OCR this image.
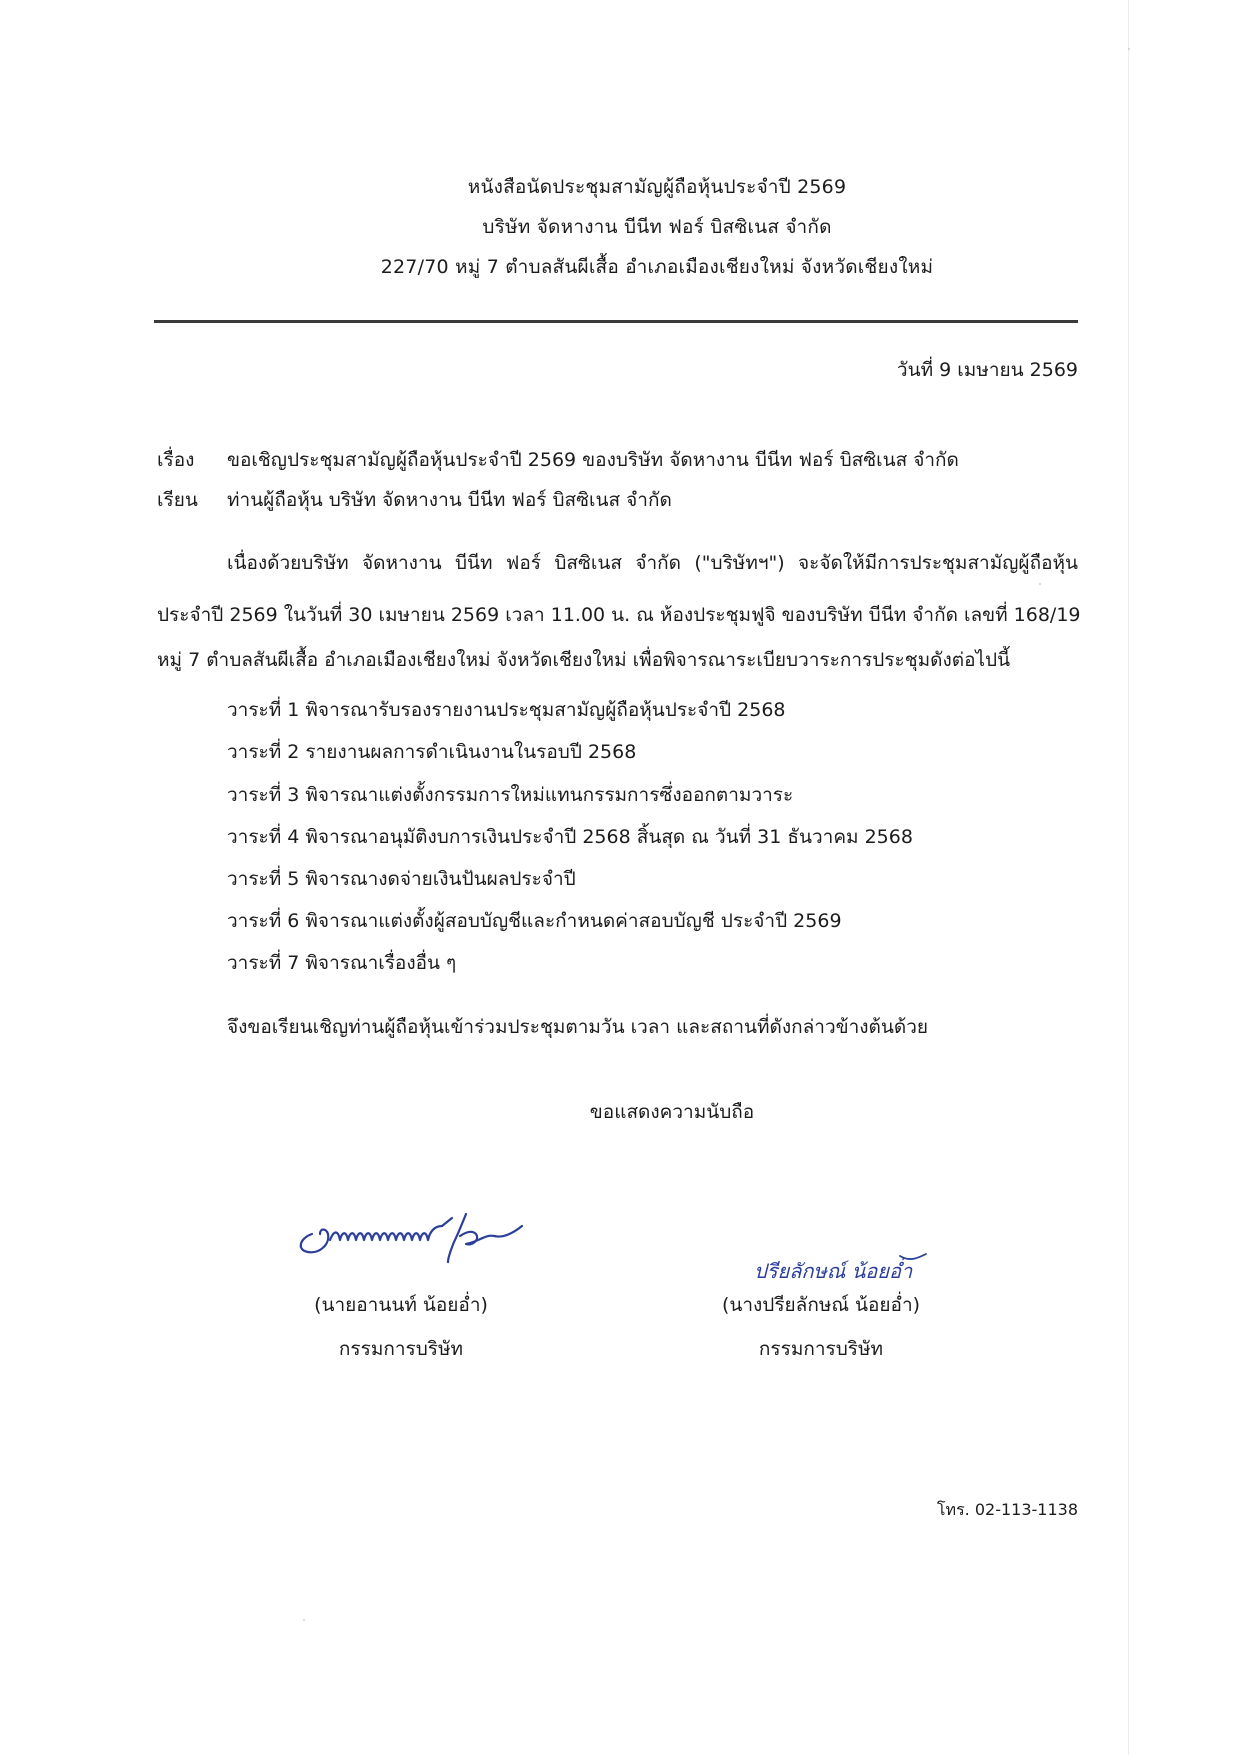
หนังสือนัดประชุมสามัญผู้ถือหุ้นประจำปี 2569
บริษัท จัดหางาน บีนีท ฟอร์ บิสซิเนส จำกัด
227/70 หมู่ 7 ตำบลสันผีเสื้อ อำเภอเมืองเชียงใหม่ จังหวัดเชียงใหม่
วันที่ 9 เมษายน 2569
เรื่อง ขอเชิญประชุมสามัญผู้ถือหุ้นประจำปี 2569 ของบริษัท จัดหางาน บีนีท ฟอร์ บิสซิเนส จำกัด
เรียน ท่านผู้ถือหุ้น บริษัท จัดหางาน บีนีท ฟอร์ บิสซิเนส จำกัด
เนื่องด้วยบริษัท จัดหางาน บีนีท ฟอร์ บิสซิเนส จำกัด ("บริษัทฯ") จะจัดให้มีการประชุมสามัญผู้ถือหุ้น
ประจำปี 2569 ในวันที่ 30 เมษายน 2569 เวลา 11.00 น. ณ ห้องประชุมฟูจิ ของบริษัท บีนีท จำกัด เลขที่ 168/19
หมู่ 7 ตำบลสันผีเสื้อ อำเภอเมืองเชียงใหม่ จังหวัดเชียงใหม่ เพื่อพิจารณาระเบียบวาระการประชุมดังต่อไปนี้
วาระที่ 1 พิจารณารับรองรายงานประชุมสามัญผู้ถือหุ้นประจำปี 2568
วาระที่ 2 รายงานผลการดำเนินงานในรอบปี 2568
วาระที่ 3 พิจารณาแต่งตั้งกรรมการใหม่แทนกรรมการซึ่งออกตามวาระ
วาระที่ 4 พิจารณาอนุมัติงบการเงินประจำปี 2568 สิ้นสุด ณ วันที่ 31 ธันวาคม 2568
วาระที่ 5 พิจารณางดจ่ายเงินปันผลประจำปี
วาระที่ 6 พิจารณาแต่งตั้งผู้สอบบัญชีและกำหนดค่าสอบบัญชี ประจำปี 2569
วาระที่ 7 พิจารณาเรื่องอื่น ๆ
จึงขอเรียนเชิญท่านผู้ถือหุ้นเข้าร่วมประชุมตามวัน เวลา และสถานที่ดังกล่าวข้างต้นด้วย
ขอแสดงความนับถือ
ปรียลักษณ์ น้อยอ่ำ
(นายอานนท์ น้อยอ่ำ)
กรรมการบริษัท
(นางปรียลักษณ์ น้อยอ่ำ)
กรรมการบริษัท
โทร. 02-113-1138
